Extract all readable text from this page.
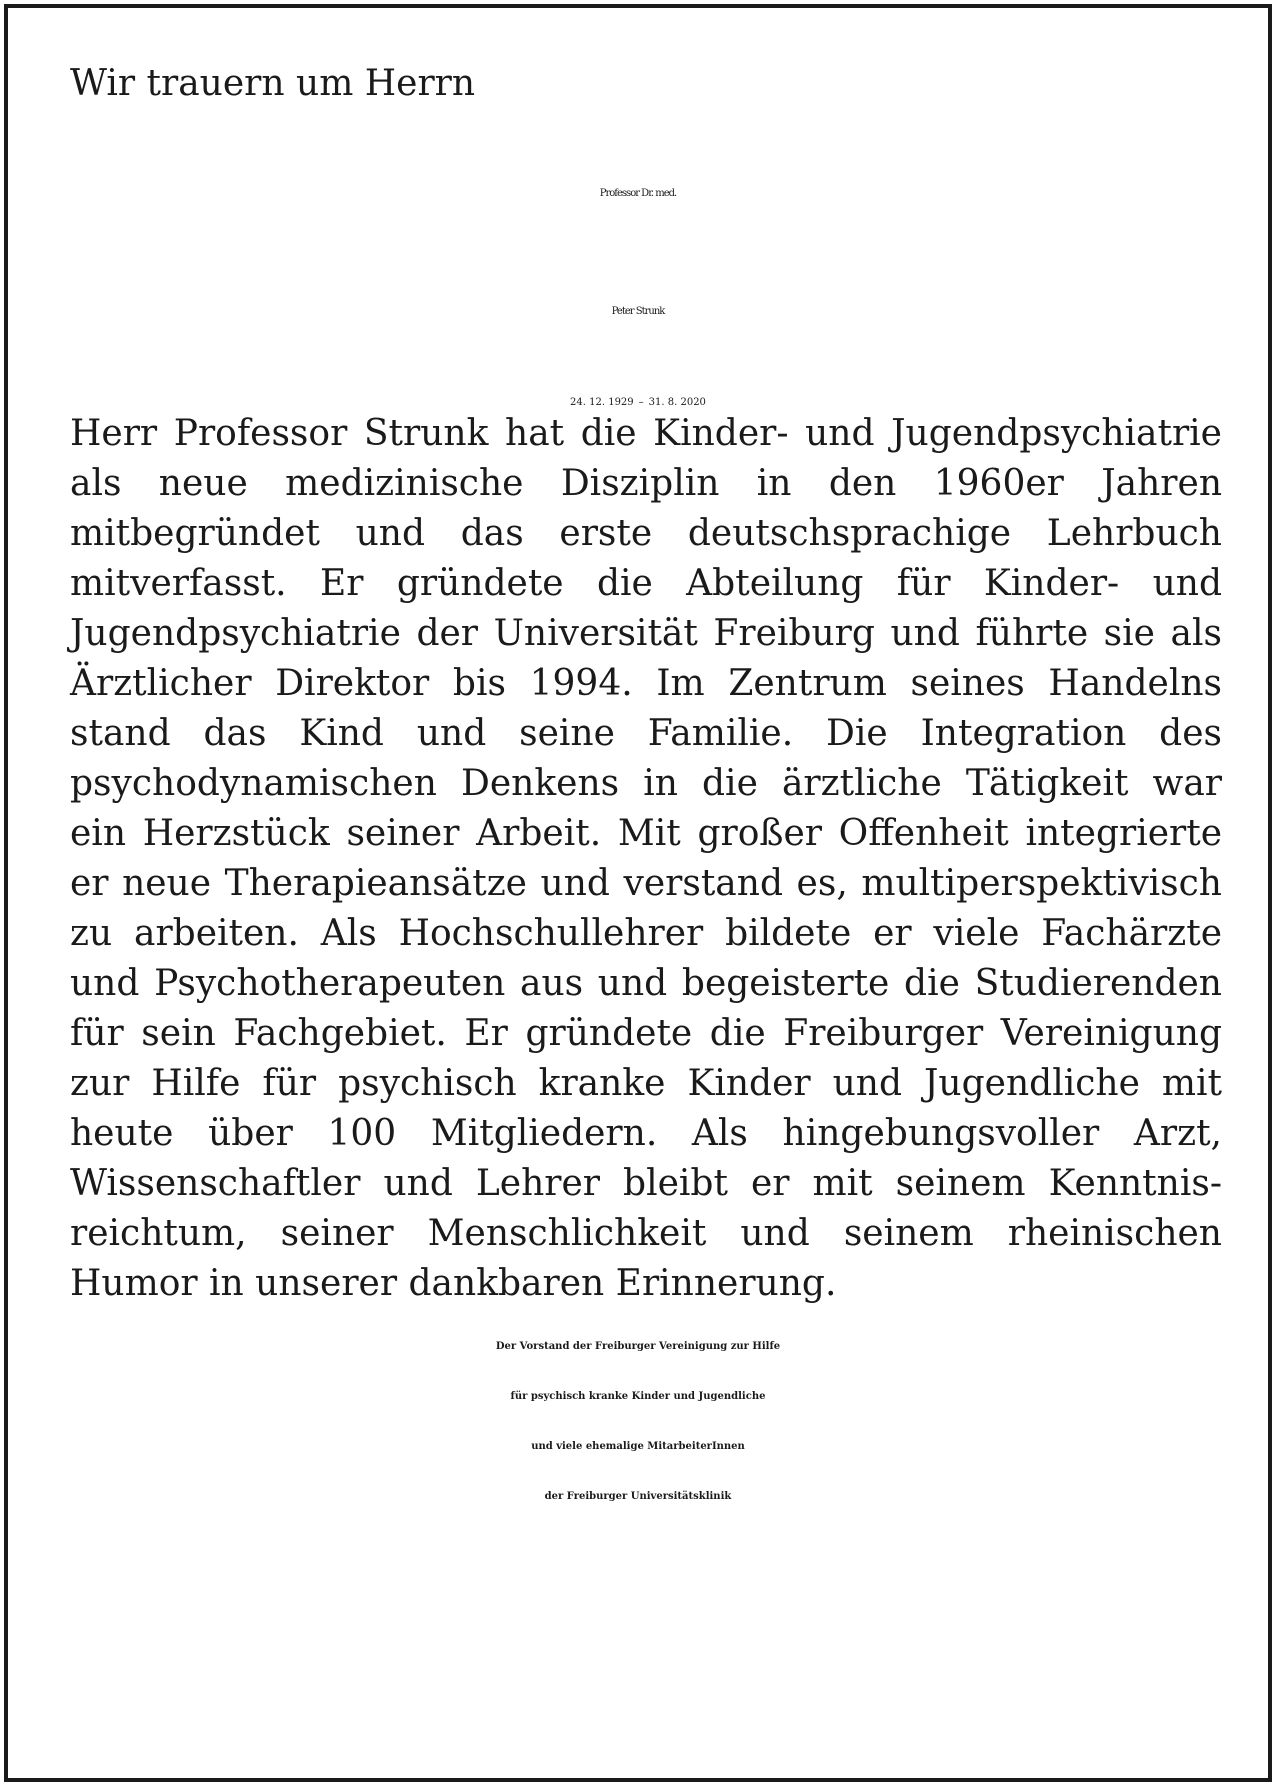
Wir trauern um Herrn
Professor Dr. med.
Peter Strunk
24. 12. 1929 – 31. 8. 2020
Herr Professor Strunk hat die Kinder- und Jugendpsychiatrie
als neue medizinische Disziplin in den 1960er Jahren
mitbegründet und das erste deutschsprachige Lehrbuch
mitverfasst. Er gründete die Abteilung für Kinder- und
Jugendpsychiatrie der Universität Freiburg und führte sie als
Ärztlicher Direktor bis 1994. Im Zentrum seines Handelns
stand das Kind und seine Familie. Die Integration des
psychodynamischen Denkens in die ärztliche Tätigkeit war
ein Herzstück seiner Arbeit. Mit großer Offenheit integrierte
er neue Therapieansätze und verstand es, multiperspektivisch
zu arbeiten. Als Hochschullehrer bildete er viele Fachärzte
und Psychotherapeuten aus und begeisterte die Studierenden
für sein Fachgebiet. Er gründete die Freiburger Vereinigung
zur Hilfe für psychisch kranke Kinder und Jugendliche mit
heute über 100 Mitgliedern. Als hingebungsvoller Arzt,
Wissenschaftler und Lehrer bleibt er mit seinem Kenntnis-
reichtum, seiner Menschlichkeit und seinem rheinischen
Humor in unserer dankbaren Erinnerung.
Der Vorstand der Freiburger Vereinigung zur Hilfe
für psychisch kranke Kinder und Jugendliche
und viele ehemalige MitarbeiterInnen
der Freiburger Universitätsklinik
